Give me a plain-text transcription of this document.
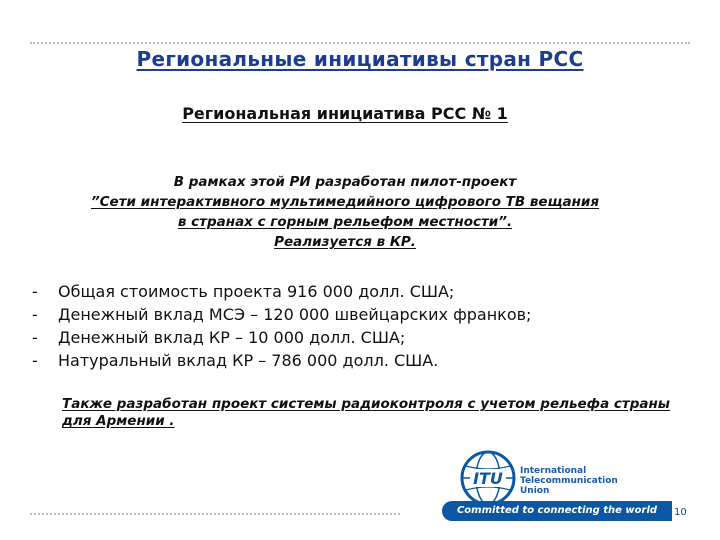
Региональные инициативы стран РСС
Региональная инициатива РСС № 1
В рамках этой РИ разработан пилот-проект
”Сети интерактивного мультимедийного цифрового ТВ вещания
в странах с горным рельефом местности”.
Реализуется в КР.
-	Общая стоимость проекта 916 000 долл. США;
-	Денежный вклад МСЭ – 120 000 швейцарских франков;
-	Денежный вклад КР – 10 000 долл. США;
-	Натуральный вклад КР – 786 000 долл. США.
Также разработан проект системы радиоконтроля с учетом рельефа страны для Армении .
ITU International
Telecommunication
Union
Committed to connecting the world	10
